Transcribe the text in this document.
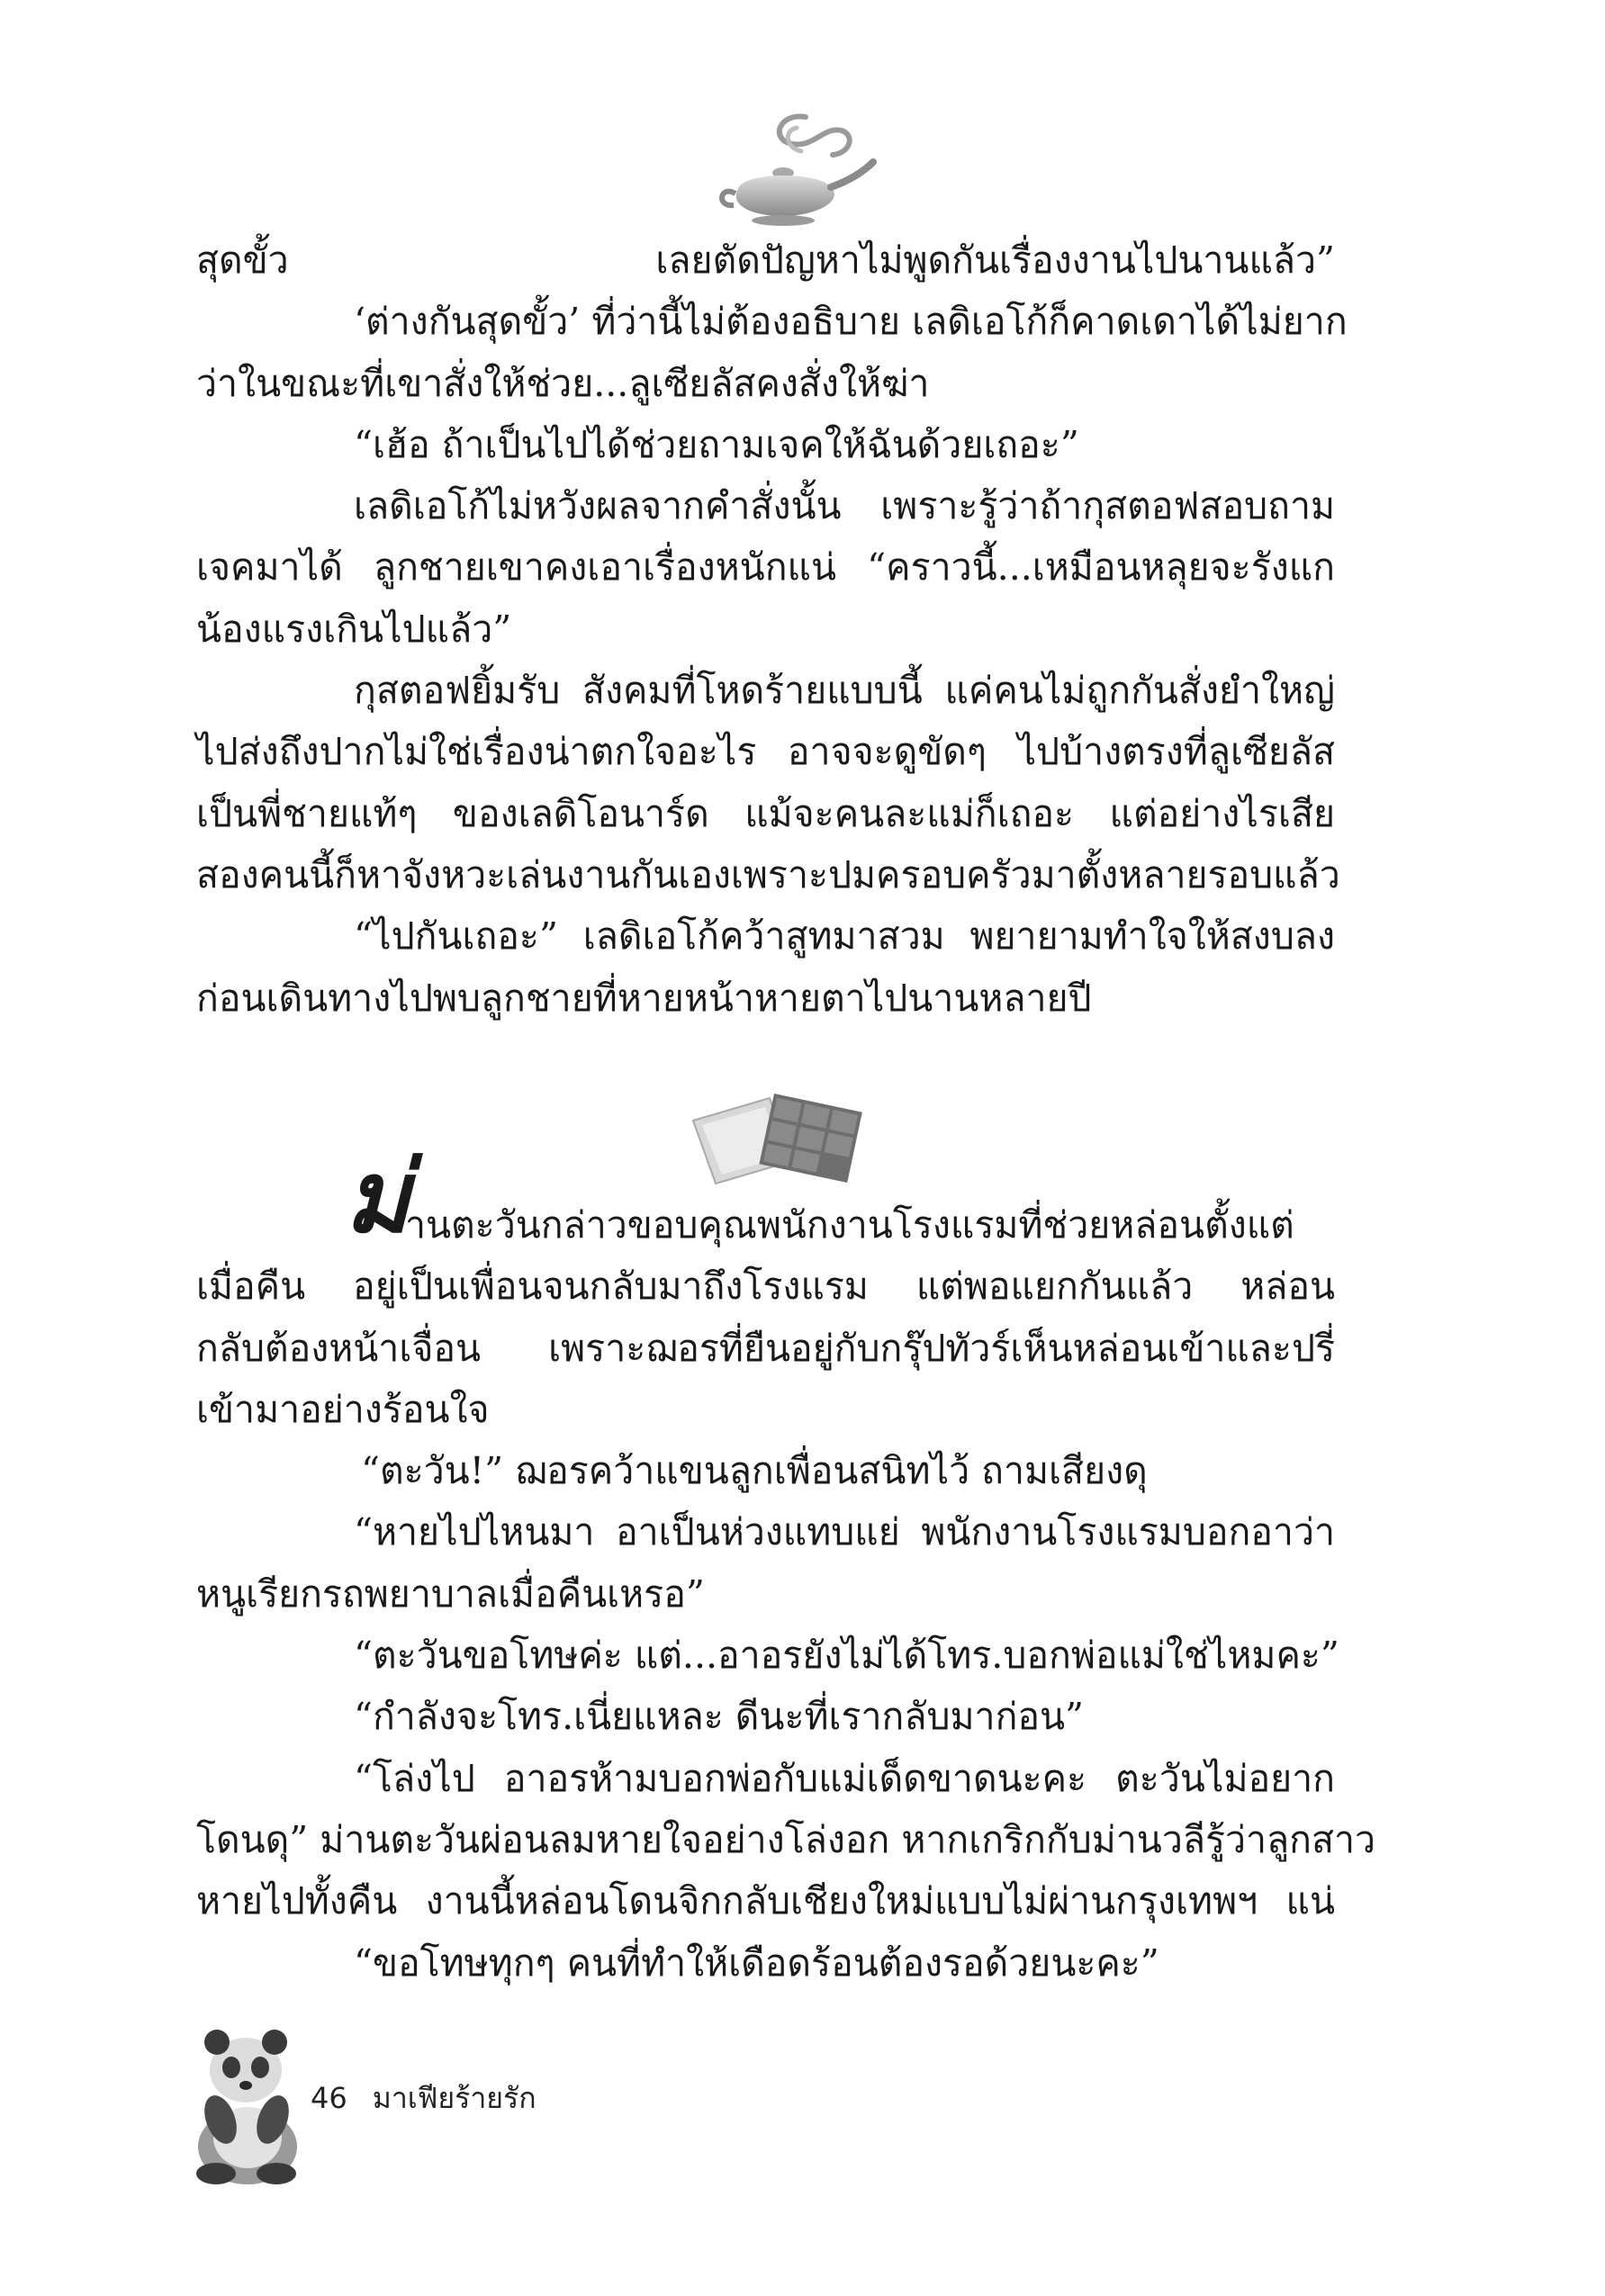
สุดขั้ว เลยตัดปัญหาไม่พูดกันเรื่องงานไปนานแล้ว”
‘ต่างกันสุดขั้ว’ ที่ว่านี้ไม่ต้องอธิบาย เลดิเอโก้ก็คาดเดาได้ไม่ยาก
ว่าในขณะที่เขาสั่งให้ช่วย...ลูเซียลัสคงสั่งให้ฆ่า
“เฮ้อ ถ้าเป็นไปได้ช่วยถามเจคให้ฉันด้วยเถอะ”
เลดิเอโก้ไม่หวังผลจากคำสั่งนั้น เพราะรู้ว่าถ้ากุสตอฟสอบถาม
เจคมาได้ ลูกชายเขาคงเอาเรื่องหนักแน่ “คราวนี้...เหมือนหลุยจะรังแก
น้องแรงเกินไปแล้ว”
กุสตอฟยิ้มรับ สังคมที่โหดร้ายแบบนี้ แค่คนไม่ถูกกันสั่งยำใหญ่
ไปส่งถึงปากไม่ใช่เรื่องน่าตกใจอะไร อาจจะดูขัดๆ ไปบ้างตรงที่ลูเซียลัส
เป็นพี่ชายแท้ๆ ของเลดิโอนาร์ด แม้จะคนละแม่ก็เถอะ แต่อย่างไรเสีย
สองคนนี้ก็หาจังหวะเล่นงานกันเองเพราะปมครอบครัวมาตั้งหลายรอบแล้ว
“ไปกันเถอะ” เลดิเอโก้คว้าสูทมาสวม พยายามทำใจให้สงบลง
ก่อนเดินทางไปพบลูกชายที่หายหน้าหายตาไปนานหลายปี
ม่
านตะวันกล่าวขอบคุณพนักงานโรงแรมที่ช่วยหล่อนตั้งแต่
เมื่อคืน อยู่เป็นเพื่อนจนกลับมาถึงโรงแรม แต่พอแยกกันแล้ว หล่อน
กลับต้องหน้าเจื่อน เพราะฌอรที่ยืนอยู่กับกรุ๊ปทัวร์เห็นหล่อนเข้าและปรี่
เข้ามาอย่างร้อนใจ
“ตะวัน!” ฌอรคว้าแขนลูกเพื่อนสนิทไว้ ถามเสียงดุ
“หายไปไหนมา อาเป็นห่วงแทบแย่ พนักงานโรงแรมบอกอาว่า
หนูเรียกรถพยาบาลเมื่อคืนเหรอ”
“ตะวันขอโทษค่ะ แต่...อาอรยังไม่ได้โทร.บอกพ่อแม่ใช่ไหมคะ”
“กำลังจะโทร.เนี่ยแหละ ดีนะที่เรากลับมาก่อน”
“โล่งไป อาอรห้ามบอกพ่อกับแม่เด็ดขาดนะคะ ตะวันไม่อยาก
โดนดุ” ม่านตะวันผ่อนลมหายใจอย่างโล่งอก หากเกริกกับม่านวลีรู้ว่าลูกสาว
หายไปทั้งคืน งานนี้หล่อนโดนจิกกลับเชียงใหม่แบบไม่ผ่านกรุงเทพฯ แน่
“ขอโทษทุกๆ คนที่ทำให้เดือดร้อนต้องรอด้วยนะคะ”
46 มาเฟียร้ายรัก
